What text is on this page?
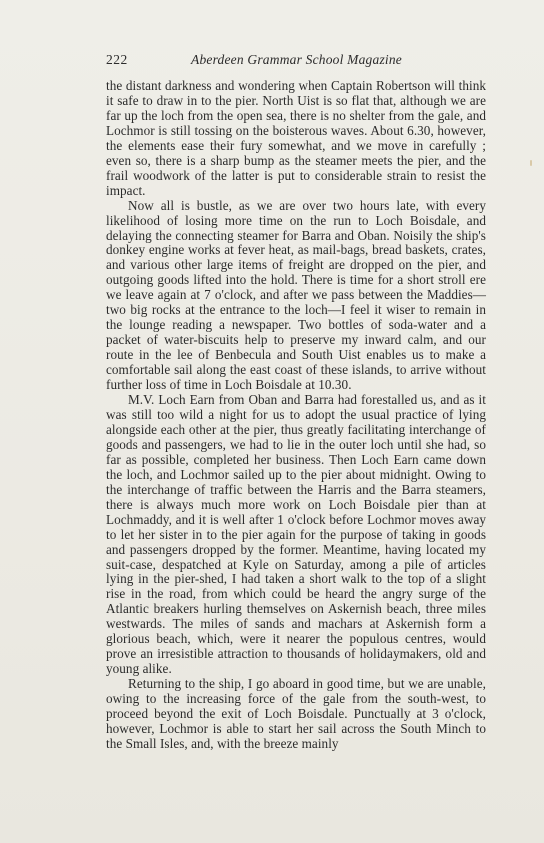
222	Aberdeen Grammar School Magazine

the distant darkness and wondering when Captain Robertson will think it safe to draw in to the pier. North Uist is so flat that, although we are far up the loch from the open sea, there is no shelter from the gale, and Lochmor is still tossing on the boisterous waves. About 6.30, however, the elements ease their fury somewhat, and we move in carefully ; even so, there is a sharp bump as the steamer meets the pier, and the frail woodwork of the latter is put to considerable strain to resist the impact.

Now all is bustle, as we are over two hours late, with every likelihood of losing more time on the run to Loch Boisdale, and delaying the connecting steamer for Barra and Oban. Noisily the ship's donkey engine works at fever heat, as mail-bags, bread baskets, crates, and various other large items of freight are dropped on the pier, and outgoing goods lifted into the hold. There is time for a short stroll ere we leave again at 7 o'clock, and after we pass between the Maddies—two big rocks at the entrance to the loch—I feel it wiser to remain in the lounge reading a newspaper. Two bottles of soda-water and a packet of water-biscuits help to preserve my inward calm, and our route in the lee of Benbecula and South Uist enables us to make a comfortable sail along the east coast of these islands, to arrive without further loss of time in Loch Boisdale at 10.30.

M.V. Loch Earn from Oban and Barra had forestalled us, and as it was still too wild a night for us to adopt the usual practice of lying alongside each other at the pier, thus greatly facilitating interchange of goods and passengers, we had to lie in the outer loch until she had, so far as possible, completed her business. Then Loch Earn came down the loch, and Lochmor sailed up to the pier about midnight. Owing to the interchange of traffic between the Harris and the Barra steamers, there is always much more work on Loch Boisdale pier than at Lochmaddy, and it is well after 1 o'clock before Lochmor moves away to let her sister in to the pier again for the purpose of taking in goods and passengers dropped by the former. Meantime, having located my suit-case, despatched at Kyle on Saturday, among a pile of articles lying in the pier-shed, I had taken a short walk to the top of a slight rise in the road, from which could be heard the angry surge of the Atlantic breakers hurling themselves on Askernish beach, three miles westwards. The miles of sands and machars at Askernish form a glorious beach, which, were it nearer the populous centres, would prove an irresistible attraction to thousands of holidaymakers, old and young alike.

Returning to the ship, I go aboard in good time, but we are unable, owing to the increasing force of the gale from the south-west, to proceed beyond the exit of Loch Boisdale. Punctually at 3 o'clock, however, Lochmor is able to start her sail across the South Minch to the Small Isles, and, with the breeze mainly
